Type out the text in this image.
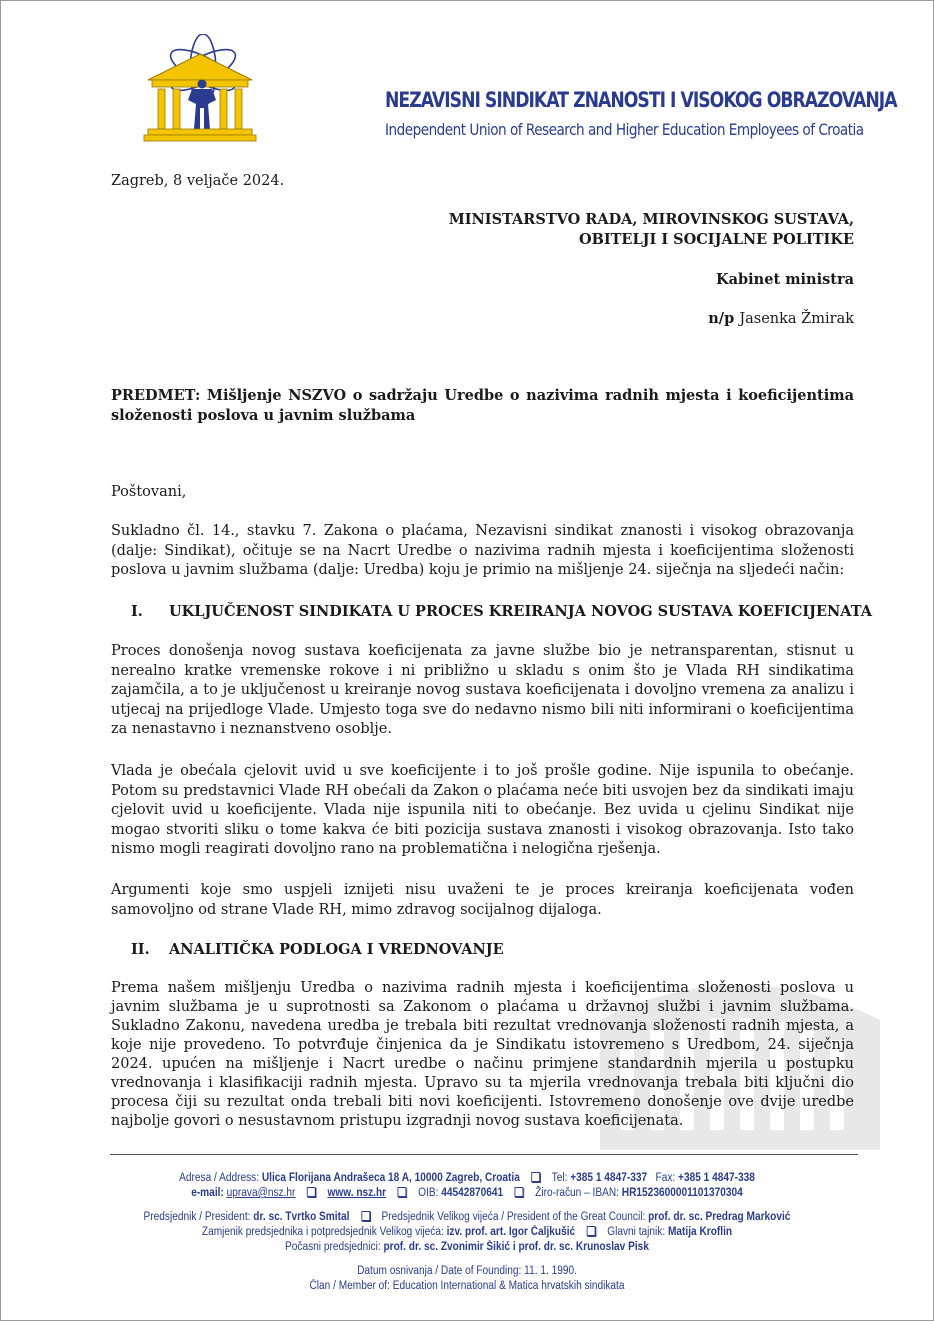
NEZAVISNI SINDIKAT ZNANOSTI I VISOKOG OBRAZOVANJA
Independent Union of Research and Higher Education Employees of Croatia
Zagreb, 8 veljače 2024.
MINISTARSTVO RADA, MIROVINSKOG SUSTAVA,
OBITELJI I SOCIJALNE POLITIKE
Kabinet ministra
n/p Jasenka Žmirak
PREDMET: Mišljenje NSZVO o sadržaju Uredbe o nazivima radnih mjesta i koeficijentima složenosti poslova u javnim službama
Poštovani,
Sukladno čl. 14., stavku 7. Zakona o plaćama, Nezavisni sindikat znanosti i visokog obrazovanja (dalje: Sindikat), očituje se na Nacrt Uredbe o nazivima radnih mjesta i koeficijentima složenosti poslova u javnim službama (dalje: Uredba) koju je primio na mišljenje 24. siječnja na sljedeći način:
I. UKLJUČENOST SINDIKATA U PROCES KREIRANJA NOVOG SUSTAVA KOEFICIJENATA
Proces donošenja novog sustava koeficijenata za javne službe bio je netransparentan, stisnut u nerealno kratke vremenske rokove i ni približno u skladu s onim što je Vlada RH sindikatima zajamčila, a to je uključenost u kreiranje novog sustava koeficijenata i dovoljno vremena za analizu i utjecaj na prijedloge Vlade. Umjesto toga sve do nedavno nismo bili niti informirani o koeficijentima za nenastavno i neznanstveno osoblje.
Vlada je obećala cjelovit uvid u sve koeficijente i to još prošle godine. Nije ispunila to obećanje. Potom su predstavnici Vlade RH obećali da Zakon o plaćama neće biti usvojen bez da sindikati imaju cjelovit uvid u koeficijente. Vlada nije ispunila niti to obećanje. Bez uvida u cjelinu Sindikat nije mogao stvoriti sliku o tome kakva će biti pozicija sustava znanosti i visokog obrazovanja. Isto tako nismo mogli reagirati dovoljno rano na problematična i nelogična rješenja.
Argumenti koje smo uspjeli iznijeti nisu uvaženi te je proces kreiranja koeficijenata vođen samovoljno od strane Vlade RH, mimo zdravog socijalnog dijaloga.
II. ANALITIČKA PODLOGA I VREDNOVANJE
Prema našem mišljenju Uredba o nazivima radnih mjesta i koeficijentima složenosti poslova u javnim službama je u suprotnosti sa Zakonom o plaćama u državnoj službi i javnim službama. Sukladno Zakonu, navedena uredba je trebala biti rezultat vrednovanja složenosti radnih mjesta, a koje nije provedeno. To potvrđuje činjenica da je Sindikatu istovremeno s Uredbom, 24. siječnja 2024. upućen na mišljenje i Nacrt uredbe o načinu primjene standardnih mjerila u postupku vrednovanja i klasifikaciji radnih mjesta. Upravo su ta mjerila vrednovanja trebala biti ključni dio procesa čiji su rezultat onda trebali biti novi koeficijenti. Istovremeno donošenje ove dvije uredbe najbolje govori o nesustavnom pristupu izgradnji novog sustava koeficijenata.
Adresa / Address: Ulica Florijana Andrašeca 18 A, 10000 Zagreb, Croatia	Tel: +385 1 4847-337 Fax: +385 1 4847-338
e-mail: uprava@nsz.hr	www. nsz.hr	OIB: 44542870641	Žiro-račun – IBAN: HR1523600001101370304
Predsjednik / President: dr. sc. Tvrtko Smital	Predsjednik Velikog vijeća / President of the Great Council: prof. dr. sc. Predrag Marković
Zamjenik predsjednika i potpredsjednik Velikog vijeća: izv. prof. art. Igor Čaljkušić	Glavni tajnik: Matija Kroflin
Počasni predsjednici: prof. dr. sc. Zvonimir Šikić i prof. dr. sc. Krunoslav Pisk
Datum osnivanja / Date of Founding: 11. 1. 1990.
Član / Member of: Education International & Matica hrvatskih sindikata
